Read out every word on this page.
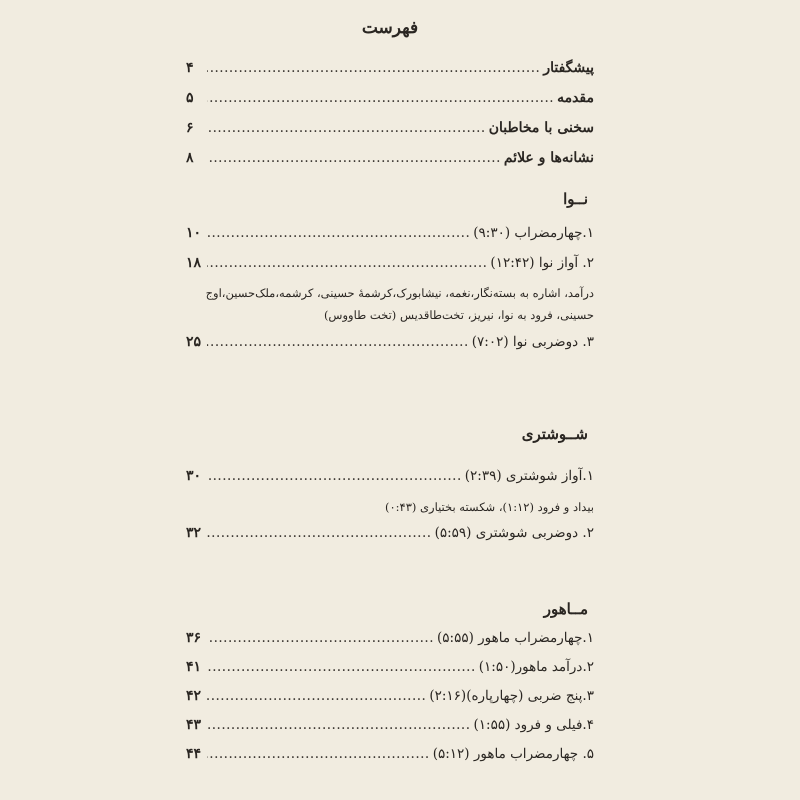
فهرست
پیشگفتار
.....
۴
مقدمه
.....
۵
سخنی با مخاطبان
.....
۶
نشانه‌ها و علائم
.....
۸
نــوا
۱.چهارمضراب (۹:۳۰)
.....
۱۰
۲. آواز نوا (۱۲:۴۲)
.....
۱۸
درآمد، اشاره به بسته‌نگار،نغمه، نیشابورک،کرشمهٔ حسینی، کرشمه،ملک‌حسین،اوج
حسینی، فرود به نوا، نیریز، تخت‌طاقدیس (تخت طاووس)
۳. دوضربی نوا (۷:۰۲)
.....
۲۵
شــوشتری
۱.آواز شوشتری (۲:۳۹)
.....
۳۰
بیداد و فرود (۱:۱۲)، شکسته بختیاری (۰:۴۳)
۲. دوضربی شوشتری (۵:۵۹)
.....
۳۲
مــاهور
۱.چهارمضراب ماهور (۵:۵۵)
.....
۳۶
۲.درآمد ماهور(۱:۵۰)
.....
۴۱
۳.پنج ضربی (چهارپاره)(۲:۱۶)
.....
۴۲
۴.فیلی و فرود (۱:۵۵)
.....
۴۳
۵. چهارمضراب ماهور (۵:۱۲)
.....
۴۴
